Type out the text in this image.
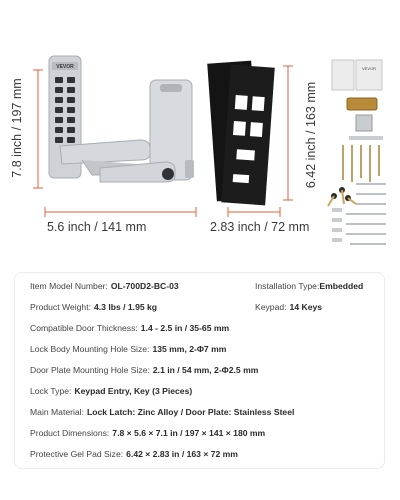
VEVOR	VEVOR
7.8 inch / 197 mm
5.6 inch / 141 mm
6.42 inch / 163 mm
2.83 inch / 72 mm
Item Model Number: OL-700D2-BC-03	Installation Type:Embedded
Product Weight: 4.3 lbs / 1.95 kg	Keypad: 14 Keys
Compatible Door Thickness: 1.4 - 2.5 in / 35-65 mm
Lock Body Mounting Hole Size: 135 mm, 2-Φ7 mm
Door Plate Mounting Hole Size: 2.1 in / 54 mm, 2-Φ2.5 mm
Lock Type: Keypad Entry, Key (3 Pieces)
Main Material: Lock Latch: Zinc Alloy / Door Plate: Stainless Steel
Product Dimensions: 7.8 × 5.6 × 7.1 in / 197 × 141 × 180 mm
Protective Gel Pad Size: 6.42 × 2.83 in / 163 × 72 mm
